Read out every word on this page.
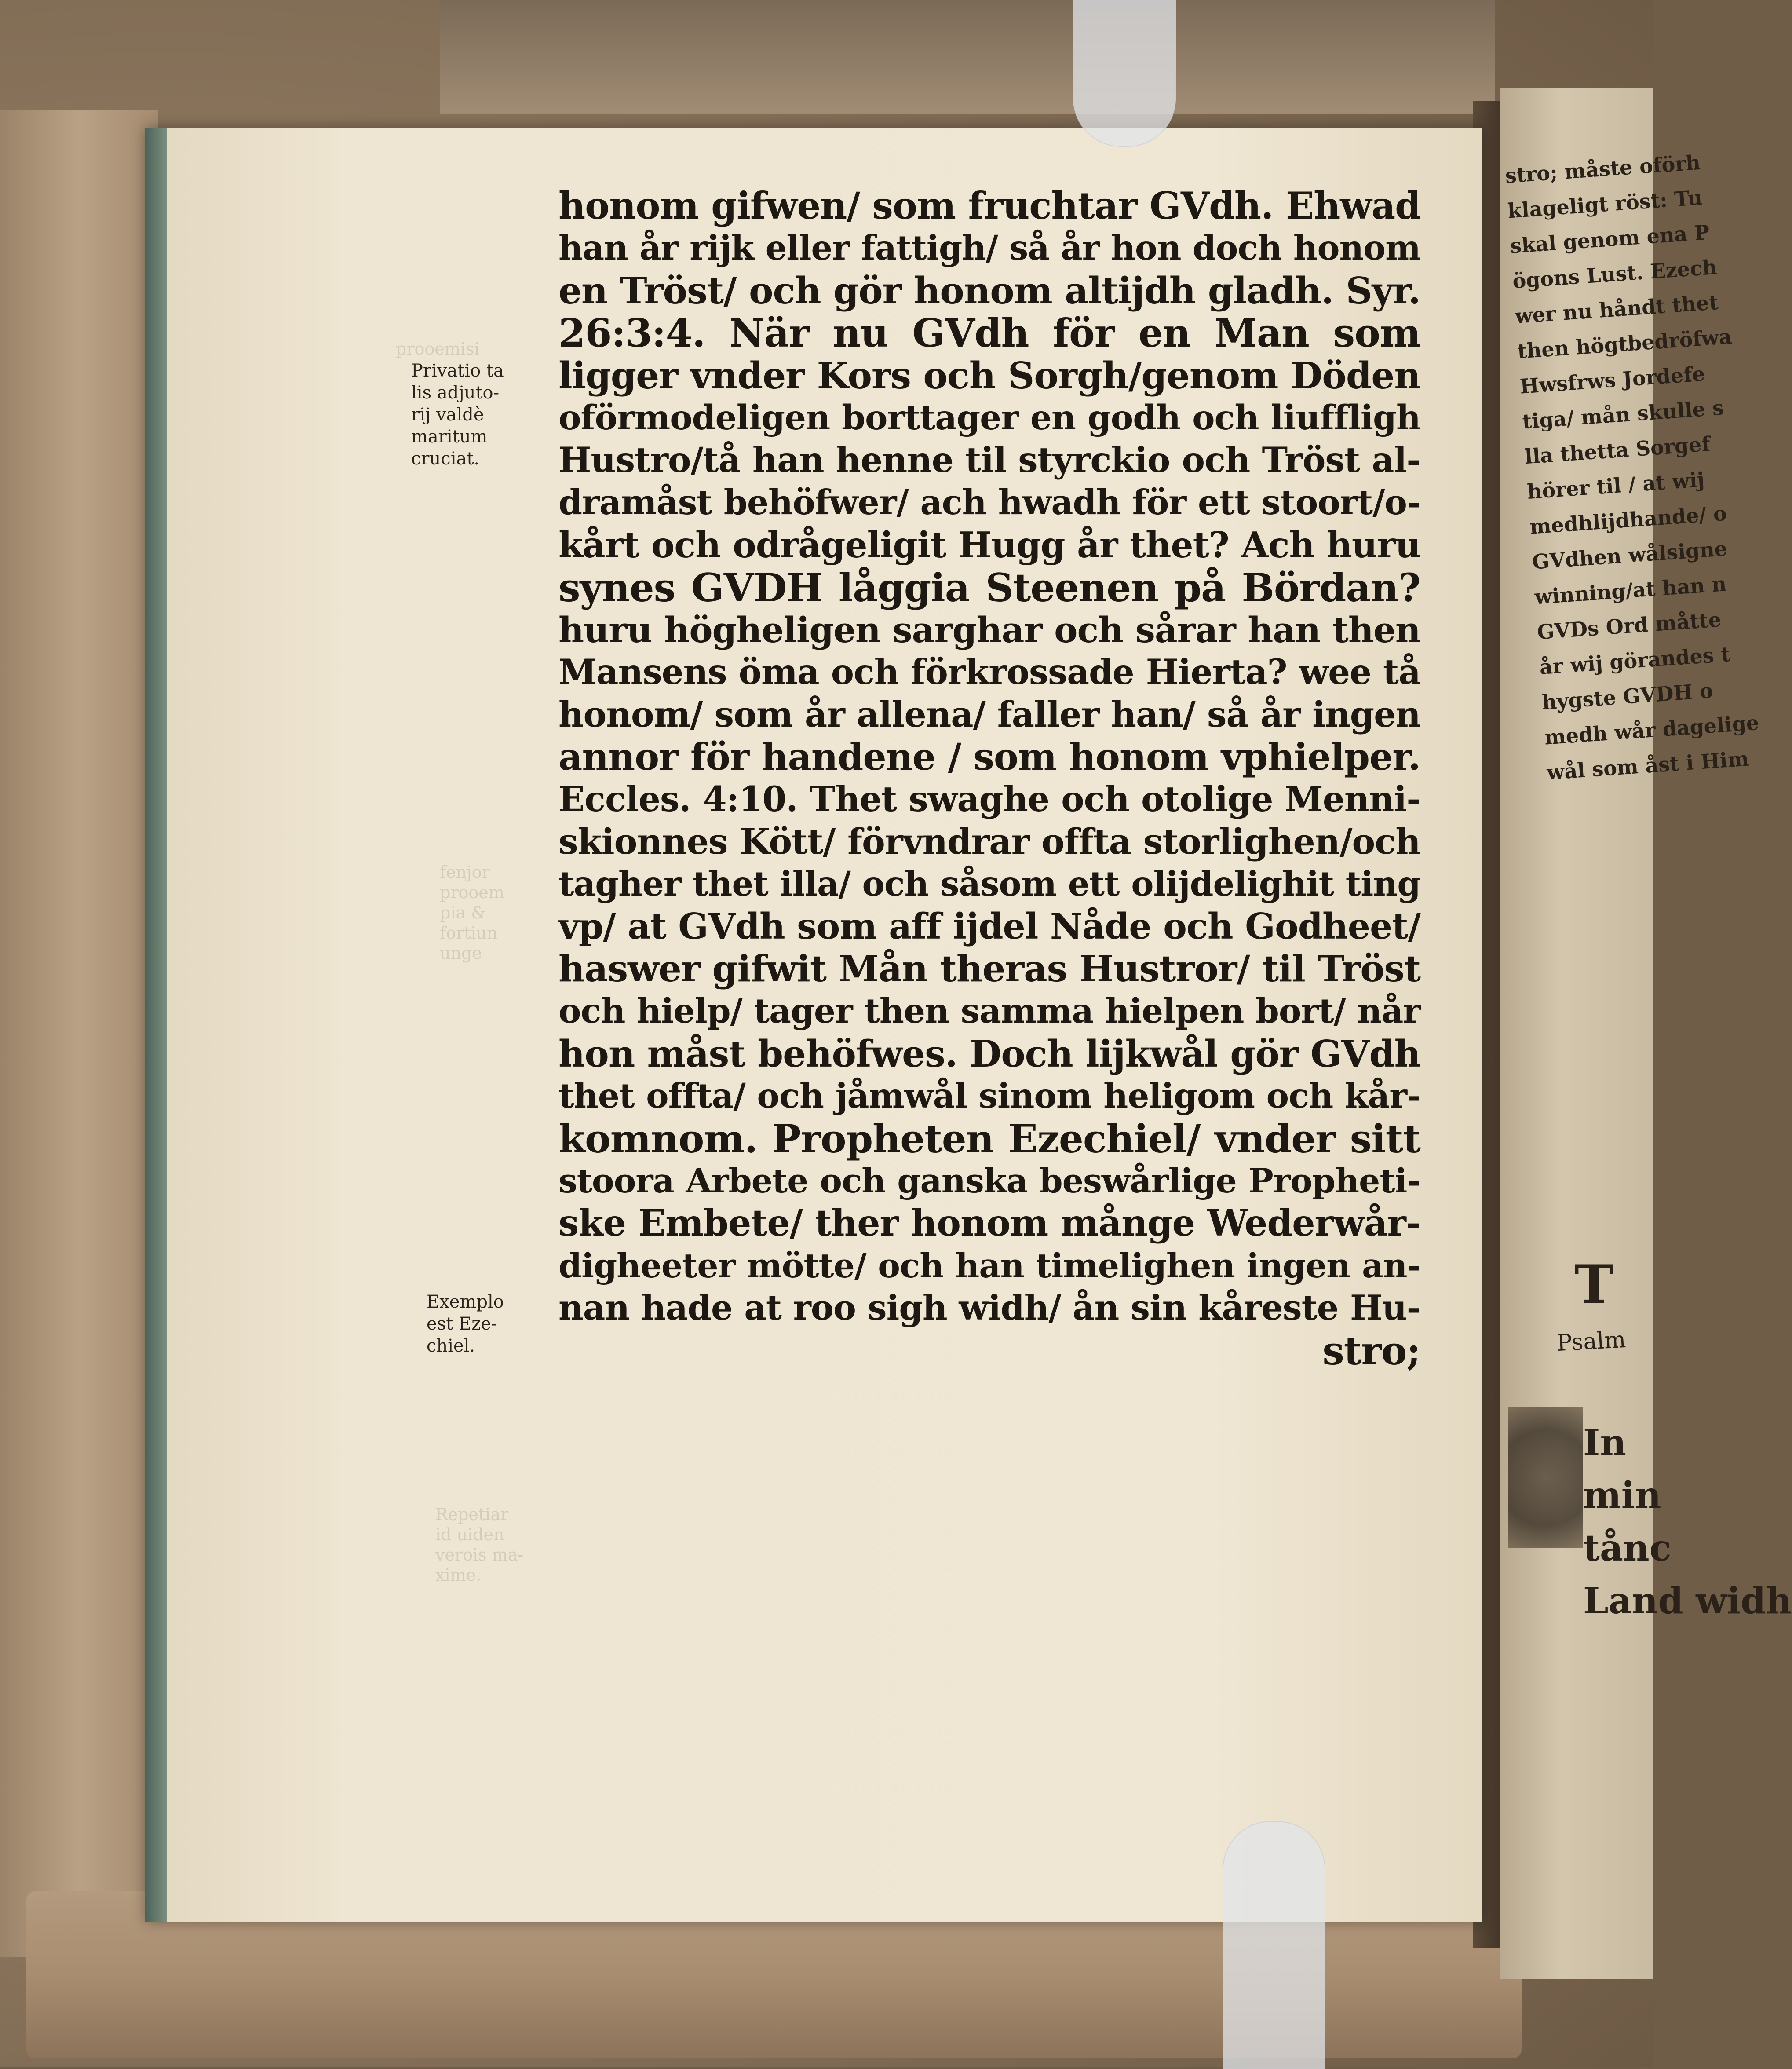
stro; måste oförh
klageligt röst: Tu
skal genom ena P
ögons Lust. Ezech
wer nu håndt thet
then högtbedröfwa
Hwsfrws Jordefe
tiga/ mån skulle s
lla thetta Sorgef
hörer til / at wij
medhlijdhande/ o
GVdhen wålsigne
winning/at han n
GVDs Ord måtte
år wij görandes t
hygste GVDH o
medh wår dagelige
wål som åst i Him
T
Psalm
In
min
tånc
Land widh
prooemisi
fenjor
prooem
pia &
fortiun
unge
Repetiar
id uiden
verois ma-
xime.
Privatio ta
lis adjuto-
rij valdè
maritum
cruciat.
Exemplo
est Eze-
chiel.
honom gifwen/ som fruchtar GVdh. Ehwad
han år rijk eller fattigh/ så år hon doch honom
en Tröst/ och gör honom altijdh gladh. Syr.
26:3:4. När nu GVdh för en Man som
ligger vnder Kors och Sorgh/genom Döden
oförmodeligen borttager en godh och liuffligh
Hustro/tå han henne til styrckio och Tröst al-
dramåst behöfwer/ ach hwadh för ett stoort/o-
kårt och odrågeligit Hugg år thet? Ach huru
synes GVDH låggia Steenen på Bördan?
huru högheligen sarghar och sårar han then
Mansens öma och förkrossade Hierta? wee tå
honom/ som år allena/ faller han/ så år ingen
annor för handene / som honom vphielper.
Eccles. 4:10. Thet swaghe och otolige Menni-
skionnes Kött/ förvndrar offta storlighen/och
tagher thet illa/ och såsom ett olijdelighit ting
vp/ at GVdh som aff ijdel Nåde och Godheet/
haswer gifwit Mån theras Hustror/ til Tröst
och hielp/ tager then samma hielpen bort/ når
hon måst behöfwes. Doch lijkwål gör GVdh
thet offta/ och jåmwål sinom heligom och kår-
komnom. Propheten Ezechiel/ vnder sitt
stoora Arbete och ganska beswårlige Propheti-
ske Embete/ ther honom månge Wederwår-
digheeter mötte/ och han timelighen ingen an-
nan hade at roo sigh widh/ ån sin kåreste Hu-
stro;
